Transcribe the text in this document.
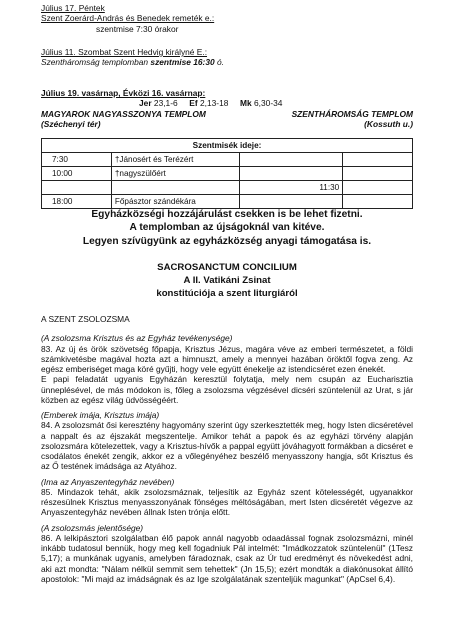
Július 17. Péntek

Szent Zoerárd-András és Benedek remeték e.:

szentmise 7:30 órakor

Július 11. Szombat Szent Hedvig királyné E.:

Szentháromság templomban szentmise 16:30 ó.

Július 19. vasárnap, Évközi 16. vasárnap:

Jer 23,1-6 Ef 2,13-18 Mk 6,30-34

MAGYAROK NAGYASSZONYA TEMPLOM	SZENTHÁROMSÁG TEMPLOM
(Széchenyi tér)	(Kossuth u.)
Szentmisék ideje:			
7:30	†Jánosért és Terézért		
10:00	†nagyszülőért		
		11:30	
18:00	Főpásztor szándékára		

Egyházközségi hozzájárulást csekken is be lehet fizetni.

A templomban az újságoknál van kitéve.

Legyen szívügyünk az egyházközség anyagi támogatása is.

SACROSANCTUM CONCILIUM

A II. Vatikáni Zsinat

konstitúciója a szent liturgiáról

A SZENT ZSOLOZSMA

(A zsolozsma Krisztus és az Egyház tevékenysége)

83. Az új és örök szövetség főpapja, Krisztus Jézus, magára véve az emberi természetet, a földi számkivetésbe magával hozta azt a himnuszt, amely a mennyei hazában öröktől fogva zeng. Az egész emberiséget maga köré gyűjti, hogy vele együtt énekelje az istendicséret ezen énekét.

E papi feladatát ugyanis Egyházán keresztül folytatja, mely nem csupán az Eucharisztia ünneplésével, de más módokon is, főleg a zsolozsma végzésével dicséri szüntelenül az Urat, s jár közben az egész világ üdvösségéért.

(Emberek imája, Krisztus imája)

84. A zsolozsmát ősi keresztény hagyomány szerint úgy szerkesztették meg, hogy Isten dicséretével a nappalt és az éjszakát megszentelje. Amikor tehát a papok és az egyházi törvény alapján zsolozsmára kötelezettek, vagy a Krisztus-hívők a pappal együtt jóváhagyott formákban a dicséret e csodálatos énekét zengik, akkor ez a vőlegényéhez beszélő menyasszony hangja, sőt Krisztus és az Ő testének imádsága az Atyához.

(Ima az Anyaszentegyház nevében)

85. Mindazok tehát, akik zsolozsmáznak, teljesítik az Egyház szent kötelességét, ugyanakkor részesülnek Krisztus menyasszonyának fönséges méltóságában, mert Isten dicséretét végezve az Anyaszentegyház nevében állnak Isten trónja előtt.

(A zsolozsmás jelentősége)

86. A lelkipásztori szolgálatban élő papok annál nagyobb odaadással fognak zsolozsmázni, minél inkább tudatosul bennük, hogy meg kell fogadniuk Pál intelmét: "Imádkozzatok szüntelenül" (1Tesz 5,17); a munkának ugyanis, amelyben fáradoznak, csak az Úr tud eredményt és növekedést adni, aki azt mondta: "Nálam nélkül semmit sem tehettek" (Jn 15,5); ezért mondták a diakónusokat állító apostolok: "Mi majd az imádságnak és az Ige szolgálatának szenteljük magunkat" (ApCsel 6,4).
